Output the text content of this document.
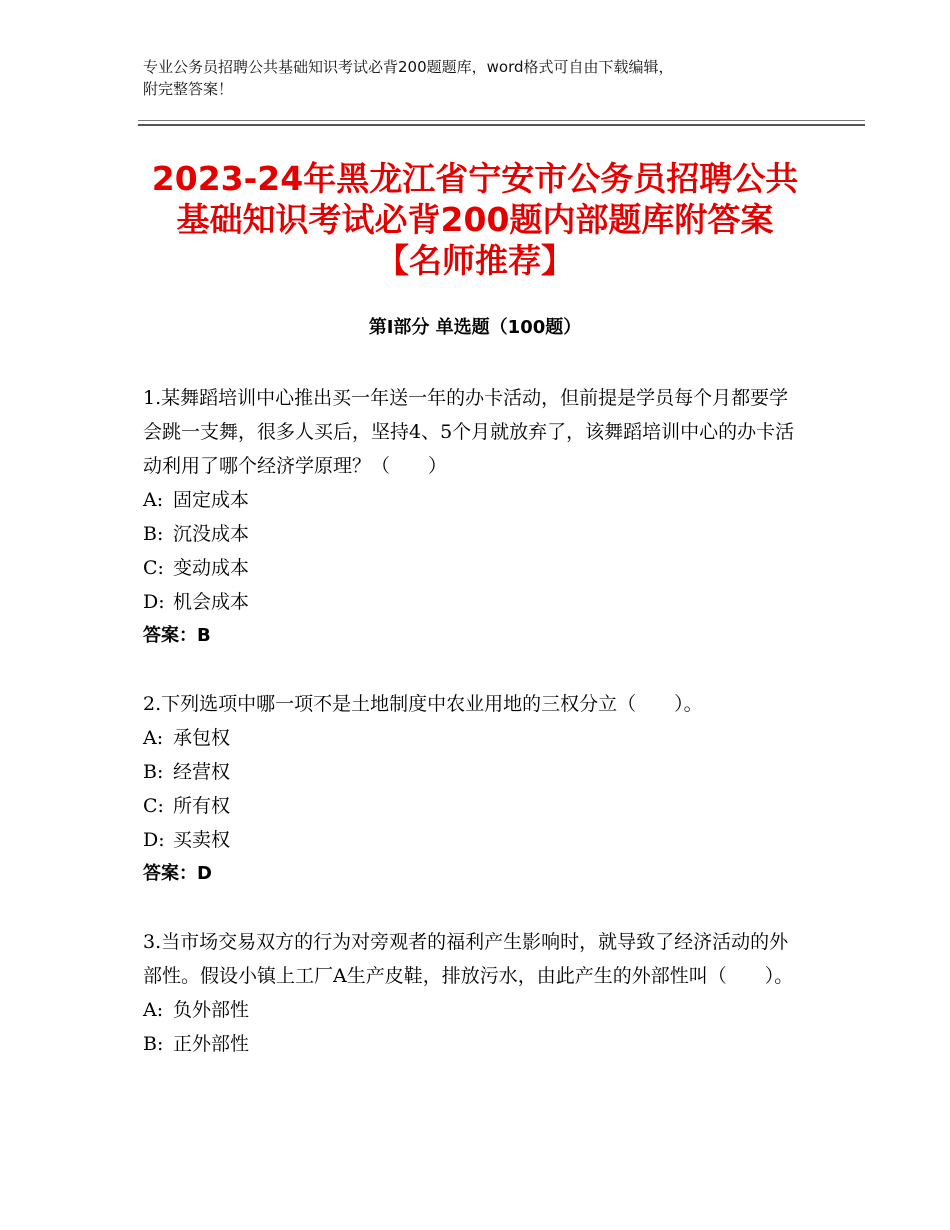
专业公务员招聘公共基础知识考试必背200题题库，word格式可自由下载编辑，
附完整答案！
2023-24年黑龙江省宁安市公务员招聘公共
基础知识考试必背200题内部题库附答案
【名师推荐】
第Ⅰ部分 单选题（100题）
1.某舞蹈培训中心推出买一年送一年的办卡活动，但前提是学员每个月都要学会跳一支舞，很多人买后，坚持4、5个月就放弃了，该舞蹈培训中心的办卡活动利用了哪个经济学原理？（　　）
A: 固定成本
B: 沉没成本
C: 变动成本
D: 机会成本
答案：B
2.下列选项中哪一项不是土地制度中农业用地的三权分立（　　）。
A: 承包权
B: 经营权
C: 所有权
D: 买卖权
答案：D
3.当市场交易双方的行为对旁观者的福利产生影响时，就导致了经济活动的外部性。假设小镇上工厂A生产皮鞋，排放污水，由此产生的外部性叫（　　）。
A: 负外部性
B: 正外部性
